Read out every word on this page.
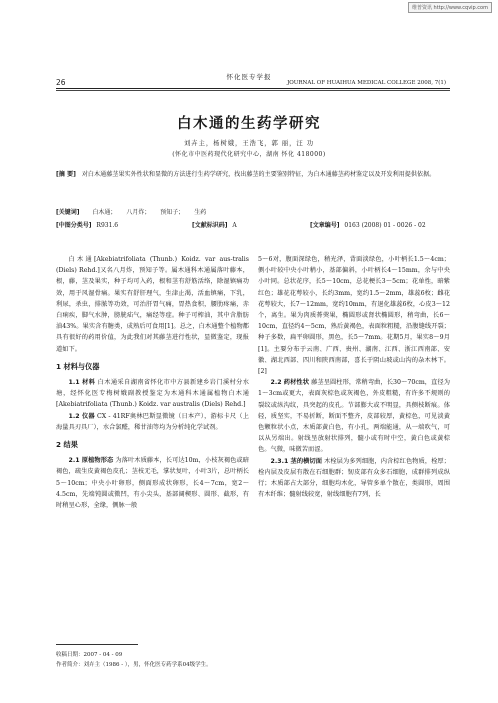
维普资讯 http://www.cqvip.com
怀化医专学报
26	JOURNAL OF HUAIHUA MEDICAL COLLEGE 2008, 7(1)
白木通的生药学研究
刘卉主，杨树娥，王浩飞，郭 丽，汪 功
(怀化市中医药现代化研究中心，湖南 怀化 418000)
[摘 要] 对白木通藤茎果实外性状和显微的方法进行生药学研究，找出藤茎的主要鉴别特征，为白木通藤茎药材鉴定以及开发利用提供依据。
[关键词] 白木通； 八月炸； 预知子； 生药
[中图分类号] R931.6	[文献标识码] A	[文章编号] 0163 (2008) 01 - 0026 - 02

白木通[Akebiatrifoliata (Thunb.) Koidz. var aus-tralis (Diels) Rehd.]又名八月炸，预知子等。属木通科木通属落叶藤本，根，藤，茎及果实，种子均可入药，根和茎有舒筋活络，除湿镇痛功效，用于风湿骨痛。果实有舒肝理气，生津止渴，活血镇痛，下乳，利尿，杀虫，排脓等功效，可治肝胃气痛，胃热食积，腰肋疼痛，赤白痢疾，脚气水肿，膀胱疝气，痛经等症。种子可榨油，其中含脂肪油43%。果实含有糖类，成熟后可食用[1]。总之，白木通整个植物都具有很好的药用价值，为此我们对其藤茎进行性状，显微鉴定，现报道如下。

1 材料与仪器

1.1 材料 白木通采自湖南省怀化市中方县新建乡岩门溪村分水塘，经怀化医专梅树娥副教授鉴定为木通科木通属植物白木通[Akebiatrifoliata (Thunb.) Koidz. var australis (Diels) Rehd.]

1.2 仪器 CX - 41RF奥林巴斯显微镜（日本产），游标卡尺（上海量具刃具厂），水合氯醛，稀甘油等均为分析纯化学试剂。

2 结果

2.1 原植物形态 为落叶木质藤本，长可达10m，小枝灰褐色或暗褐色，疏生皮黄褐色皮孔；茎枝无毛，掌状复叶，小叶3片，总叶柄长5～10cm；中央小叶卵形，侧面形成状卵形，长4～7cm，宽2～4.5cm，先端钝圆或微凹，有小尖头，基部阔楔形、圆形、截形，有时稍呈心形，全缘，侧脉一般

5～6对，腹面深绿色，稍光泽，背面淡绿色，小叶柄长1.5～4cm；侧小叶较中央小叶稍小，基部偏斜，小叶柄长4～15mm，余与中央小叶同。总状花序，长5～10cm，总花梗长3～5cm；花单性，暗紫红色；雄花花萼较小，长约3mm，宽约1.5～2mm，雄蕊6枚；雌花花萼较大，长7～12mm，宽约10mm，有退化雄蕊6枚，心皮3～12个，离生。果为肉质蓇葖果，椭圆形或肾状椭圆形，稍弯曲，长6～10cm，直径约4～5cm，熟后黄褐色，表面粒粗糙，沿腹缝线开裂；种子多数，扁平卵圆形，黑色，长5～7mm。花期5月，果实8～9月[1]。主要分布于云南、广西、贵州、湖南、江西、浙江西南部、安徽、湖北西部、四川和陕西南部，喜长于阴山坡或山沟的杂木林下。[2]

2.2 药材性状 藤茎呈圆柱形，常稍弯曲，长30～70cm，直径为1～3cm或更大，表面灰棕色或灰褐色，外皮粗糙，有许多不规则的裂纹或纵沟纹，具突起的皮孔。节部膨大或不明显，具侧枝断痕。体轻，质坚实，不易折断，断面不整齐，皮部较厚，黄棕色，可见淡黄色颗粒状小点，木质部黄白色，有小孔，两端能通，从一端吹气，可以从另端出。射线呈放射状排列，髓小或有时中空，黄白色或黄棕色。气微，味微苦而涩。

2.3.1 茎的横切面 木栓层为多列细胞，内含棕红色物质，栓厚；栓内层及皮层有散在石细胞群；韧皮部有众多石细胞，成群排列成纵行；木质部占大部分，细胞均木化，导管多单个散在，类圆形，周围有木纤维；髓射线较宽，射线细胞有7列，长

收稿日期：2007 - 04 - 09
作者简介：刘卉主（1986 - ），男，怀化医专药学系04级学生。
